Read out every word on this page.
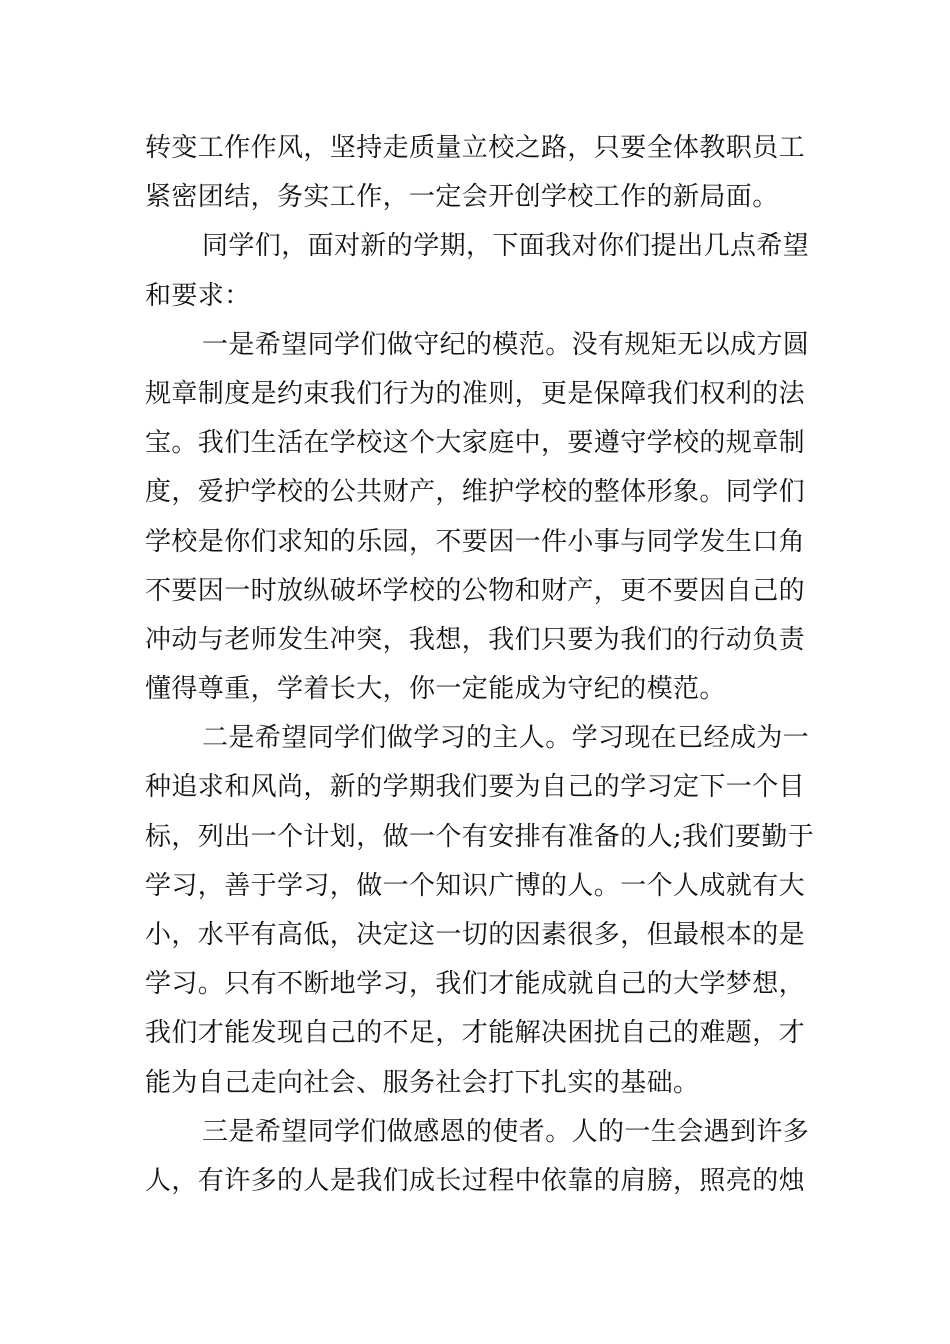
转变工作作风，坚持走质量立校之路，只要全体教职员工
紧密团结，务实工作，一定会开创学校工作的新局面。
同学们，面对新的学期，下面我对你们提出几点希望
和要求：
一是希望同学们做守纪的模范。没有规矩无以成方圆
规章制度是约束我们行为的准则，更是保障我们权利的法
宝。我们生活在学校这个大家庭中，要遵守学校的规章制
度，爱护学校的公共财产，维护学校的整体形象。同学们
学校是你们求知的乐园，不要因一件小事与同学发生口角
不要因一时放纵破坏学校的公物和财产，更不要因自己的
冲动与老师发生冲突，我想，我们只要为我们的行动负责
懂得尊重，学着长大，你一定能成为守纪的模范。
二是希望同学们做学习的主人。学习现在已经成为一
种追求和风尚，新的学期我们要为自己的学习定下一个目
标，列出一个计划，做一个有安排有准备的人;我们要勤于
学习，善于学习，做一个知识广博的人。一个人成就有大
小，水平有高低，决定这一切的因素很多，但最根本的是
学习。只有不断地学习，我们才能成就自己的大学梦想，
我们才能发现自己的不足，才能解决困扰自己的难题，才
能为自己走向社会、服务社会打下扎实的基础。
三是希望同学们做感恩的使者。人的一生会遇到许多
人，有许多的人是我们成长过程中依靠的肩膀，照亮的烛
